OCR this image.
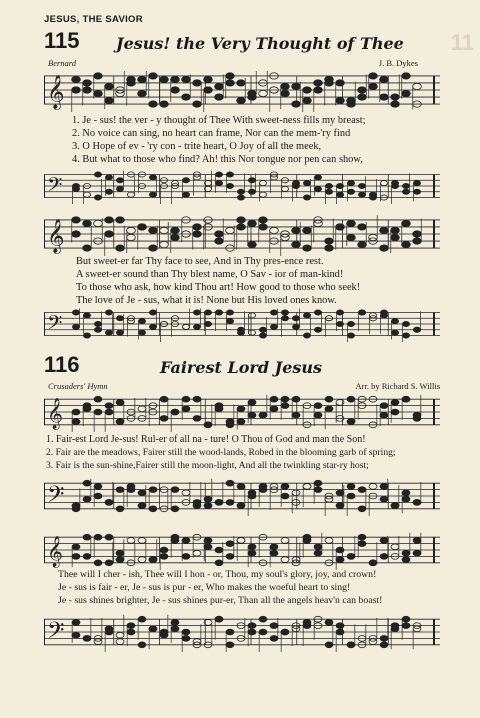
JESUS, THE SAVIOR
11
115 Jesus! the Very Thought of Thee
Bernard	J. B. Dykes
𝄞
1. Je - sus! the ver - y thought of Thee With sweet-ness fills my breast;
2. No voice can sing, no heart can frame, Nor can the mem-'ry find
3. O Hope of ev - 'ry con - trite heart, O Joy of all the meek,
4. But what to those who find? Ah! this Nor tongue nor pen can show,
𝄢
𝄞
But sweet-er far Thy face to see, And in Thy pres-ence rest.
A sweet-er sound than Thy blest name, O Sav - ior of man-kind!
To those who ask, how kind Thou art! How good to those who seek!
The love of Je - sus, what it is! None but His loved ones know.
𝄢
116	Fairest Lord Jesus
Crusaders' Hymn	Arr. by Richard S. Willis
𝄞
1. Fair-est Lord Je-sus! Rul-er of all na - ture! O Thou of God and man the Son!
2. Fair are the meadows, Fairer still the wood-lands, Robed in the blooming garb of spring;
3. Fair is the sun-shine,Fairer still the moon-light, And all the twinkling star-ry host;
𝄢
𝄞
Thee will I cher - ish, Thee will I hon - or, Thou, my soul's glory, joy, and crown!
Je - sus is fair - er, Je - sus is pur - er, Who makes the woeful heart to sing!
Je - sus shines brighter, Je - sus shines pur-er, Than all the angels heav'n can boast!
𝄢
